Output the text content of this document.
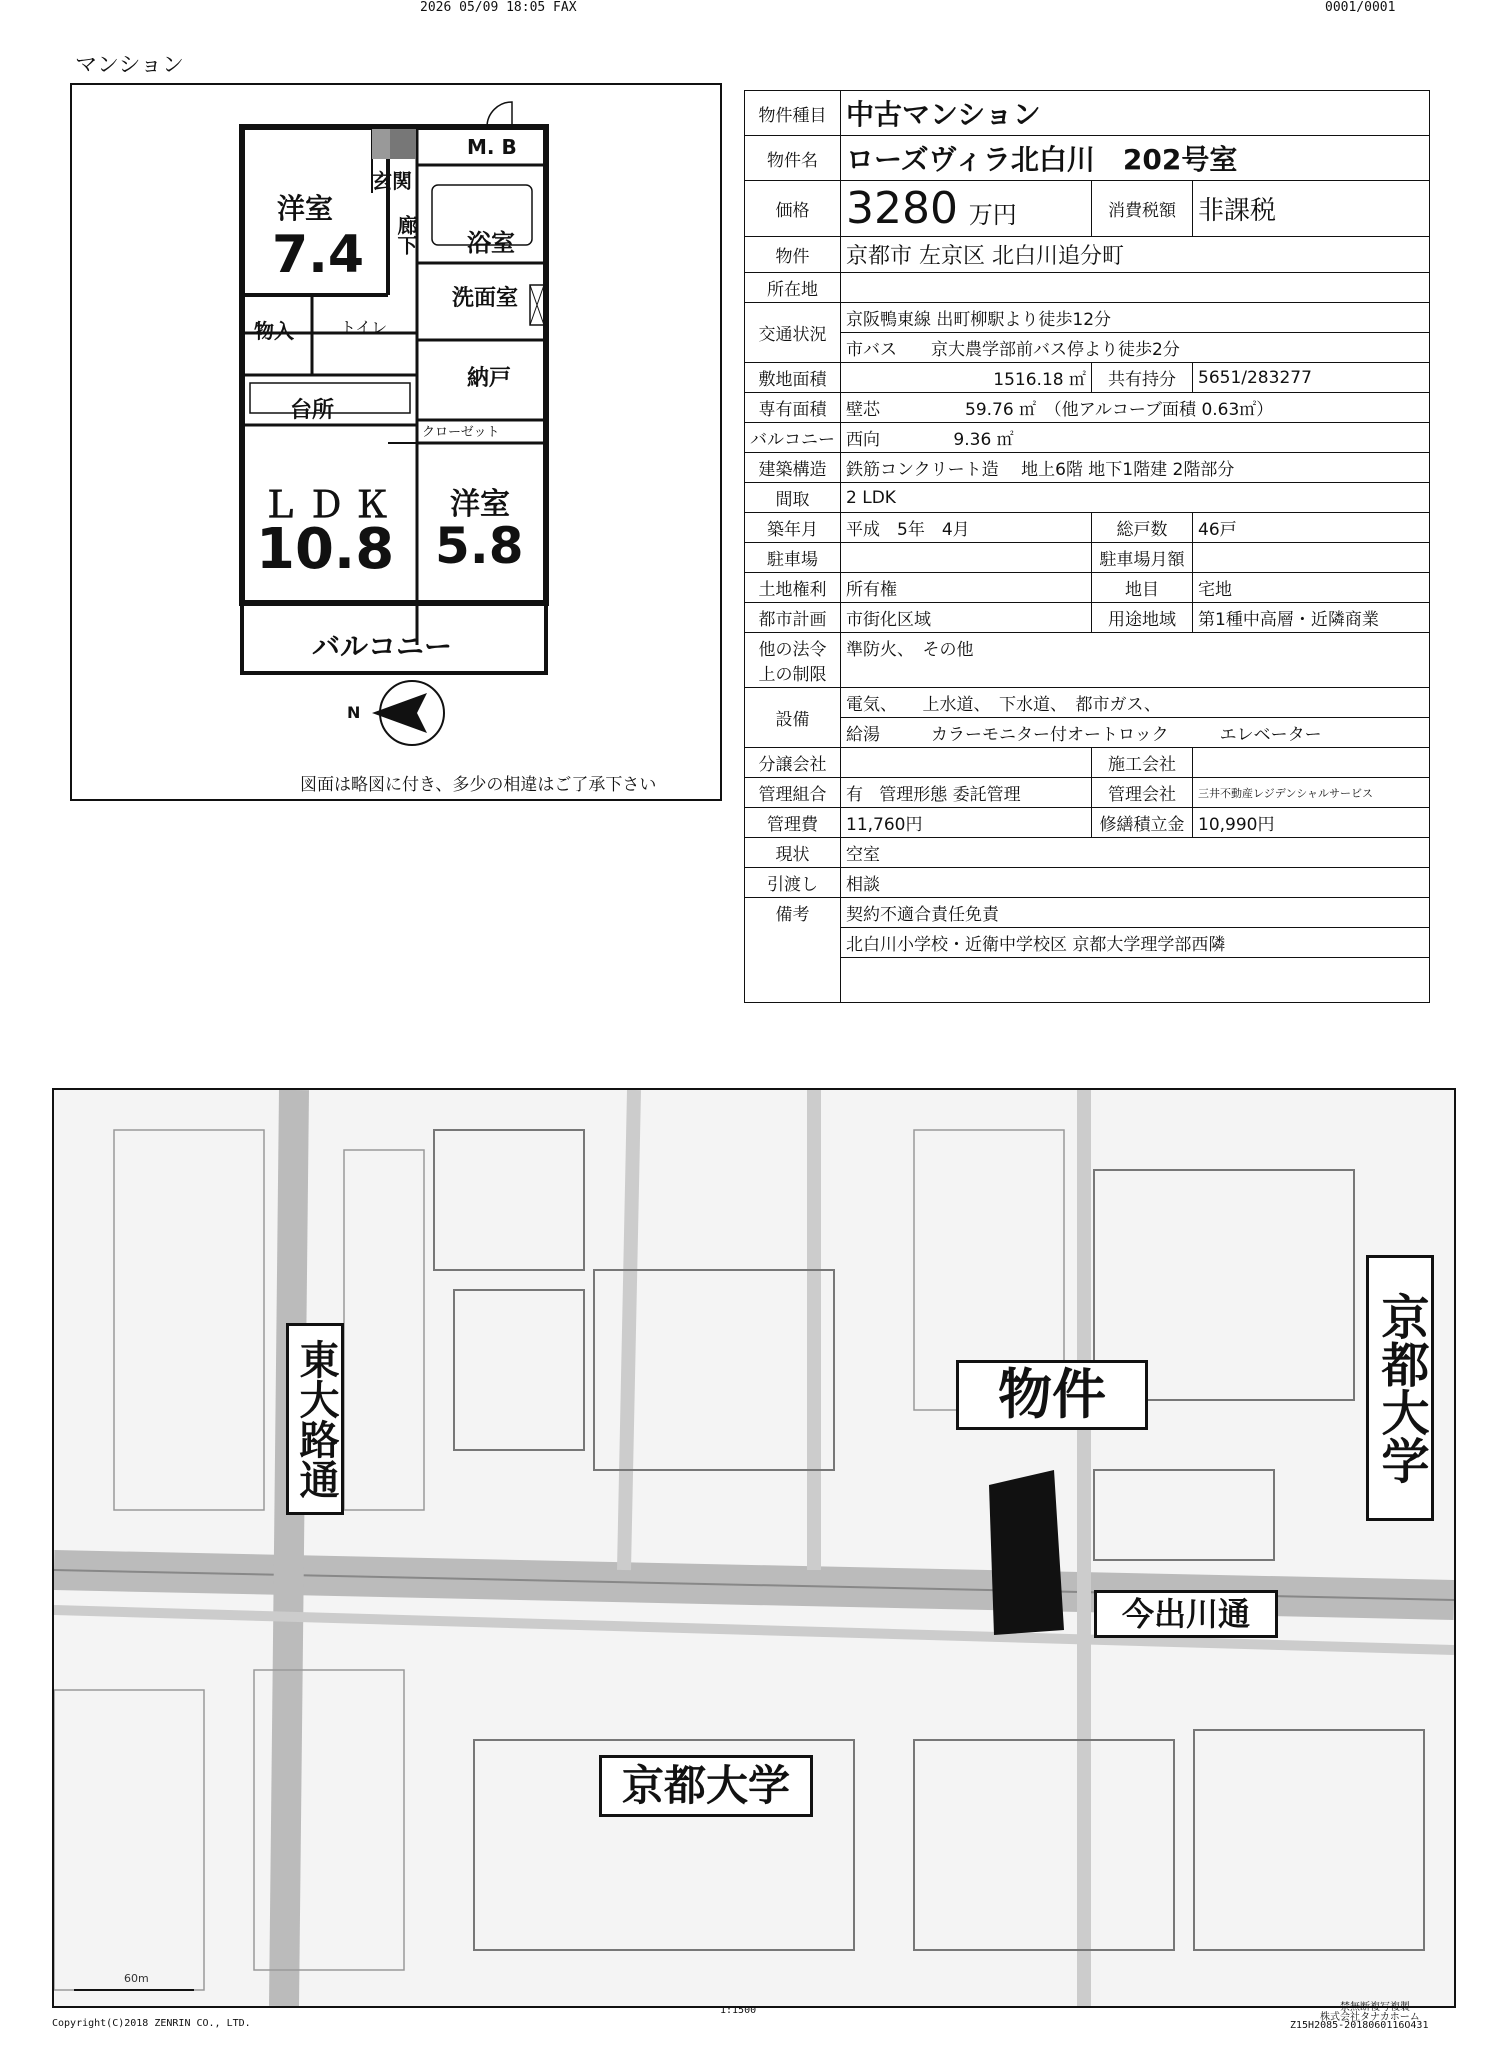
2026 05/09 18:05 FAX	0001/0001
マンション
洋室
7.4
玄関
M. B
廊下 浴室
洗面室
物入	トイレ
納戸
台所
クローゼット
ＬＤＫ
10.8
洋室
5.8
バルコニー
N
図面は略図に付き、多少の相違はご了承下さい
物件種目	中古マンション		
物件名	ローズヴィラ北白川　202号室		
価格	3280 万円	消費税額	非課税
物件	京都市 左京区 北白川追分町		
所在地			
交通状況	京阪鴨東線 出町柳駅より徒歩12分		
	市バス　　京大農学部前バス停より徒歩2分		
敷地面積	1516.18 ㎡	共有持分	5651/283277
専有面積	壁芯　　　　　59.76 ㎡　（他アルコーブ面積 0.63㎡）		
バルコニー	西向　　　　 9.36 ㎡		
建築構造	鉄筋コンクリート造　 地上6階 地下1階建 2階部分		
間取	2 LDK		
築年月	平成　5年　4月	総戸数	46戸
駐車場		駐車場月額	
土地権利	所有権	地目	宅地
都市計画	市街化区域	用途地域	第1種中高層・近隣商業
他の法令
上の制限	準防火、　その他		
設備	電気、　　上水道、　下水道、　都市ガス、		
	給湯　　　カラーモニター付オートロック　　　エレベーター		
分譲会社		施工会社	
管理組合	有 管理形態 委託管理	管理会社	三井不動産レジデンシャルサービス
管理費	11,760円	修繕積立金	10,990円
現状	空室		
引渡し	相談		
備考	契約不適合責任免責		
	北白川小学校・近衛中学校区 京都大学理学部西隣		

東大路通	物件	京都大学
今出川通
京都大学
60m
Copyright(C)2018 ZENRIN CO., LTD.
1:1500	禁無断複写複製
株式会社タナカホーム
Z15H2085-2018060116O431
